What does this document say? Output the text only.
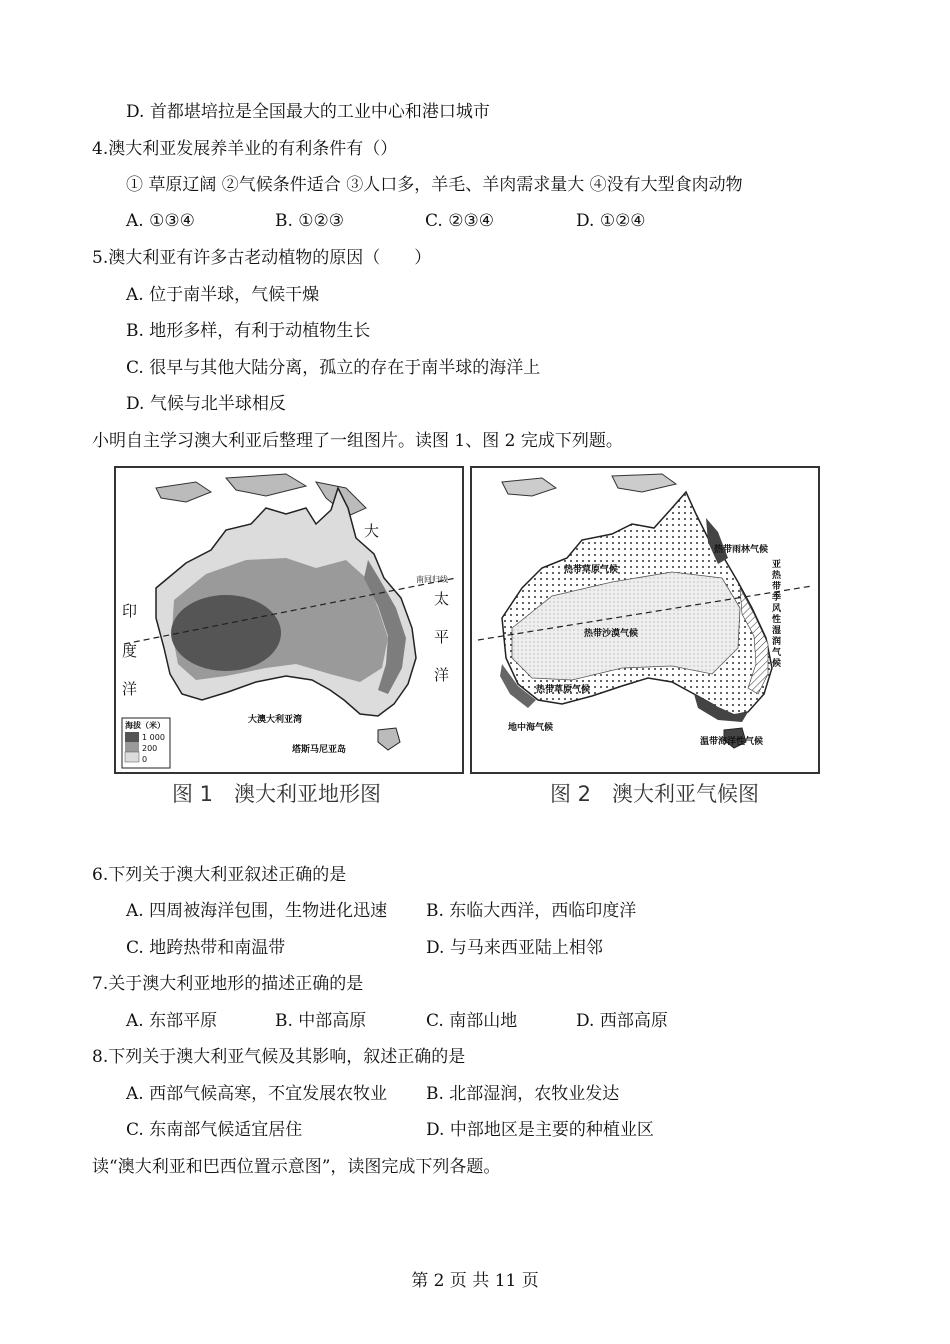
D. 首都堪培拉是全国最大的工业中心和港口城市
4.澳大利亚发展养羊业的有利条件有（）
① 草原辽阔 ②气候条件适合 ③人口多，羊毛、羊肉需求量大 ④没有大型食肉动物
A. ①③④	B. ①②③	C. ②③④	D. ①②④
5.澳大利亚有许多古老动植物的原因（　　）
A. 位于南半球，气候干燥
B. 地形多样，有利于动植物生长
C. 很早与其他大陆分离，孤立的存在于南半球的海洋上
D. 气候与北半球相反
小明自主学习澳大利亚后整理了一组图片。读图 1、图 2 完成下列题。
印
度
洋
大
太
平
洋
大澳大利亚湾
塔斯马尼亚岛
南回归线
海拔（米）
1 000
200
0
图 1　澳大利亚地形图
热带雨林气候
热带草原气候	亚热带季风性湿润气候
热带沙漠气候
热带草原气候
地中海气候
温带海洋性气候
图 2　澳大利亚气候图
6.下列关于澳大利亚叙述正确的是
A. 四周被海洋包围，生物进化迅速 B. 东临大西洋，西临印度洋
C. 地跨热带和南温带	D. 与马来西亚陆上相邻
7.关于澳大利亚地形的描述正确的是
A. 东部平原	B. 中部高原	C. 南部山地	D. 西部高原
8.下列关于澳大利亚气候及其影响，叙述正确的是
A. 西部气候高寒，不宜发展农牧业 B. 北部湿润，农牧业发达
C. 东南部气候适宜居住	D. 中部地区是主要的种植业区
读“澳大利亚和巴西位置示意图”，读图完成下列各题。
第 2 页 共 11 页
